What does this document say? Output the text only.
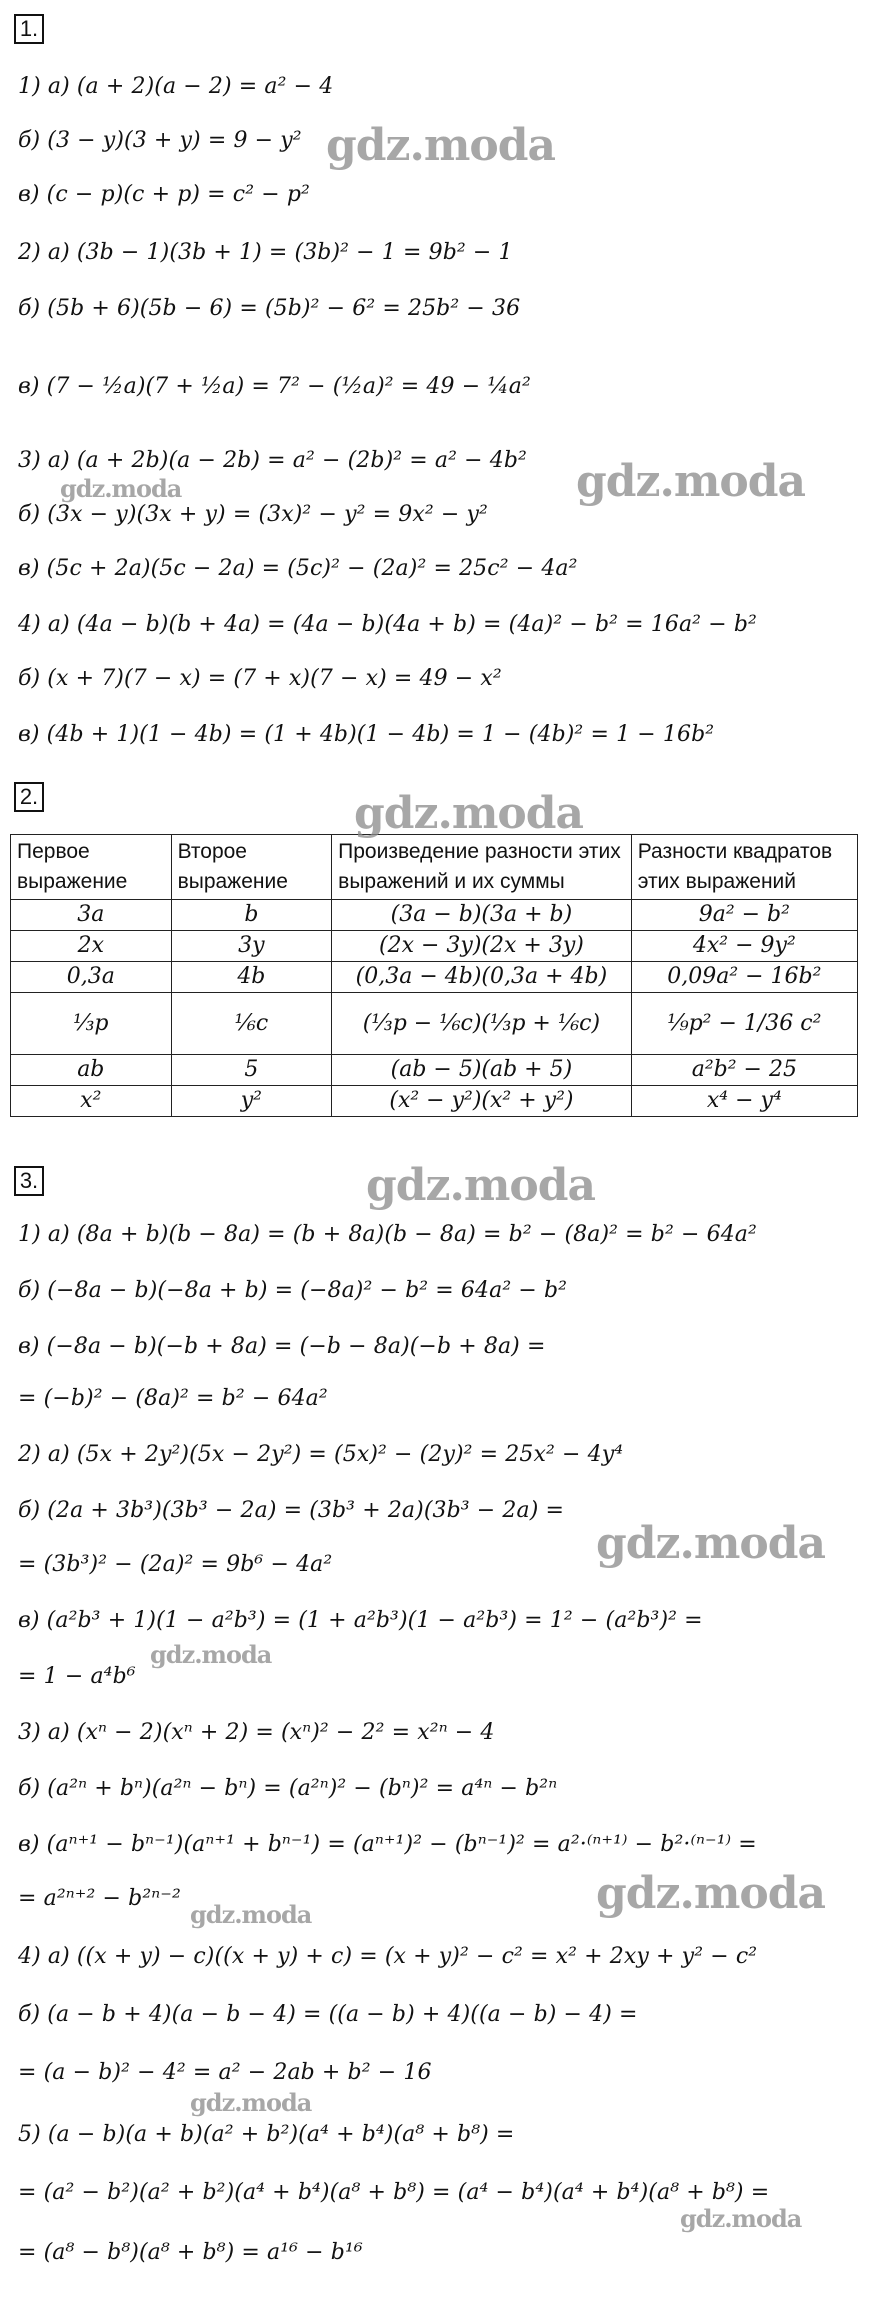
1.
1) а) (a + 2)(a − 2) = a² − 4
б) (3 − y)(3 + y) = 9 − y²
в) (c − p)(c + p) = c² − p²
2) а) (3b − 1)(3b + 1) = (3b)² − 1 = 9b² − 1
б) (5b + 6)(5b − 6) = (5b)² − 6² = 25b² − 36
в) (7 − ½a)(7 + ½a) = 7² − (½a)² = 49 − ¼a²
3) а) (a + 2b)(a − 2b) = a² − (2b)² = a² − 4b²
б) (3x − y)(3x + y) = (3x)² − y² = 9x² − y²
в) (5c + 2a)(5c − 2a) = (5c)² − (2a)² = 25c² − 4a²
4) а) (4a − b)(b + 4a) = (4a − b)(4a + b) = (4a)² − b² = 16a² − b²
б) (x + 7)(7 − x) = (7 + x)(7 − x) = 49 − x²
в) (4b + 1)(1 − 4b) = (1 + 4b)(1 − 4b) = 1 − (4b)² = 1 − 16b²
2.
Первое выражение	Второе выражение	Произведение разности этих выражений и их суммы	Разности квадратов этих выражений
3a	b	(3a − b)(3a + b)	9a² − b²
2x	3y	(2x − 3y)(2x + 3y)	4x² − 9y²
0,3a	4b	(0,3a − 4b)(0,3a + 4b)	0,09a² − 16b²
⅓p	⅙c	(⅓p − ⅙c)(⅓p + ⅙c)	⅑p² − 1/36 c²
ab	5	(ab − 5)(ab + 5)	a²b² − 25
x²	y²	(x² − y²)(x² + y²)	x⁴ − y⁴
3.
1) а) (8a + b)(b − 8a) = (b + 8a)(b − 8a) = b² − (8a)² = b² − 64a²
б) (−8a − b)(−8a + b) = (−8a)² − b² = 64a² − b²
в) (−8a − b)(−b + 8a) = (−b − 8a)(−b + 8a) =
= (−b)² − (8a)² = b² − 64a²
2) а) (5x + 2y²)(5x − 2y²) = (5x)² − (2y)² = 25x² − 4y⁴
б) (2a + 3b³)(3b³ − 2a) = (3b³ + 2a)(3b³ − 2a) =
= (3b³)² − (2a)² = 9b⁶ − 4a²
в) (a²b³ + 1)(1 − a²b³) = (1 + a²b³)(1 − a²b³) = 1² − (a²b³)² =
= 1 − a⁴b⁶
3) а) (xⁿ − 2)(xⁿ + 2) = (xⁿ)² − 2² = x²ⁿ − 4
б) (a²ⁿ + bⁿ)(a²ⁿ − bⁿ) = (a²ⁿ)² − (bⁿ)² = a⁴ⁿ − b²ⁿ
в) (aⁿ⁺¹ − bⁿ⁻¹)(aⁿ⁺¹ + bⁿ⁻¹) = (aⁿ⁺¹)² − (bⁿ⁻¹)² = a²·⁽ⁿ⁺¹⁾ − b²·⁽ⁿ⁻¹⁾ =
= a²ⁿ⁺² − b²ⁿ⁻²
4) а) ((x + y) − c)((x + y) + c) = (x + y)² − c² = x² + 2xy + y² − c²
б) (a − b + 4)(a − b − 4) = ((a − b) + 4)((a − b) − 4) =
= (a − b)² − 4² = a² − 2ab + b² − 16
5) (a − b)(a + b)(a² + b²)(a⁴ + b⁴)(a⁸ + b⁸) =
= (a² − b²)(a² + b²)(a⁴ + b⁴)(a⁸ + b⁸) = (a⁴ − b⁴)(a⁴ + b⁴)(a⁸ + b⁸) =
= (a⁸ − b⁸)(a⁸ + b⁸) = a¹⁶ − b¹⁶
gdz.moda
gdz.moda	gdz.moda
gdz.moda
gdz.moda
gdz.moda
gdz.moda
gdz.moda
gdz.moda
gdz.moda
gdz.moda
